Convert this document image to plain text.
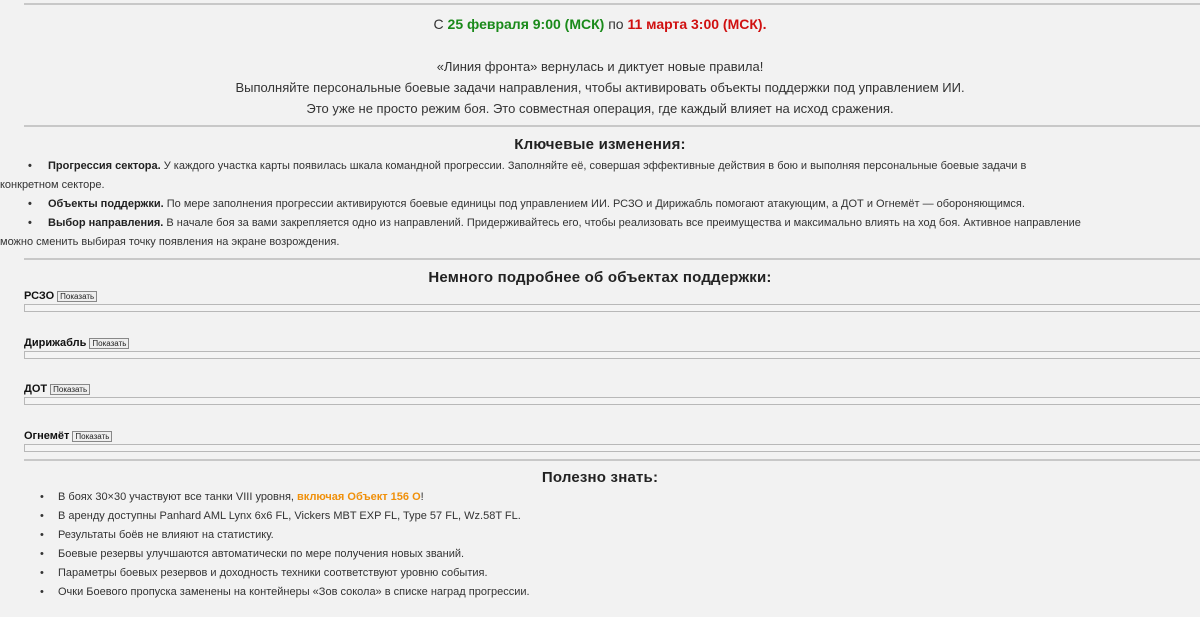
С 25 февраля 9:00 (МСК) по 11 марта 3:00 (МСК).

«Линия фронта» вернулась и диктует новые правила!

Выполняйте персональные боевые задачи направления, чтобы активировать объекты поддержки под управлением ИИ.

Это уже не просто режим боя. Это совместная операция, где каждый влияет на исход сражения.

Ключевые изменения:
• Прогрессия сектора. У каждого участка карты появилась шкала командной прогрессии. Заполняйте её, совершая эффективные действия в бою и выполняя персональные боевые задачи в
конкретном секторе.
• Объекты поддержки. По мере заполнения прогрессии активируются боевые единицы под управлением ИИ. РСЗО и Дирижабль помогают атакующим, а ДОТ и Огнемёт — обороняющимся.
• Выбор направления. В начале боя за вами закрепляется одно из направлений. Придерживайтесь его, чтобы реализовать все преимущества и максимально влиять на ход боя. Активное направление
можно сменить выбирая точку появления на экране возрождения.
Немного подробнее об объектах поддержки:
РСЗО Показать
Дирижабль Показать
ДОТ Показать
Огнемёт Показать
Полезно знать:
• В боях 30×30 участвуют все танки VIII уровня, включая Объект 156 О!
• В аренду доступны Panhard AML Lynx 6x6 FL, Vickers MBT EXP FL, Type 57 FL, Wz.58T FL.
• Результаты боёв не влияют на статистику.
• Боевые резервы улучшаются автоматически по мере получения новых званий.
• Параметры боевых резервов и доходность техники соответствуют уровню события.
• Очки Боевого пропуска заменены на контейнеры «Зов сокола» в списке наград прогрессии.
